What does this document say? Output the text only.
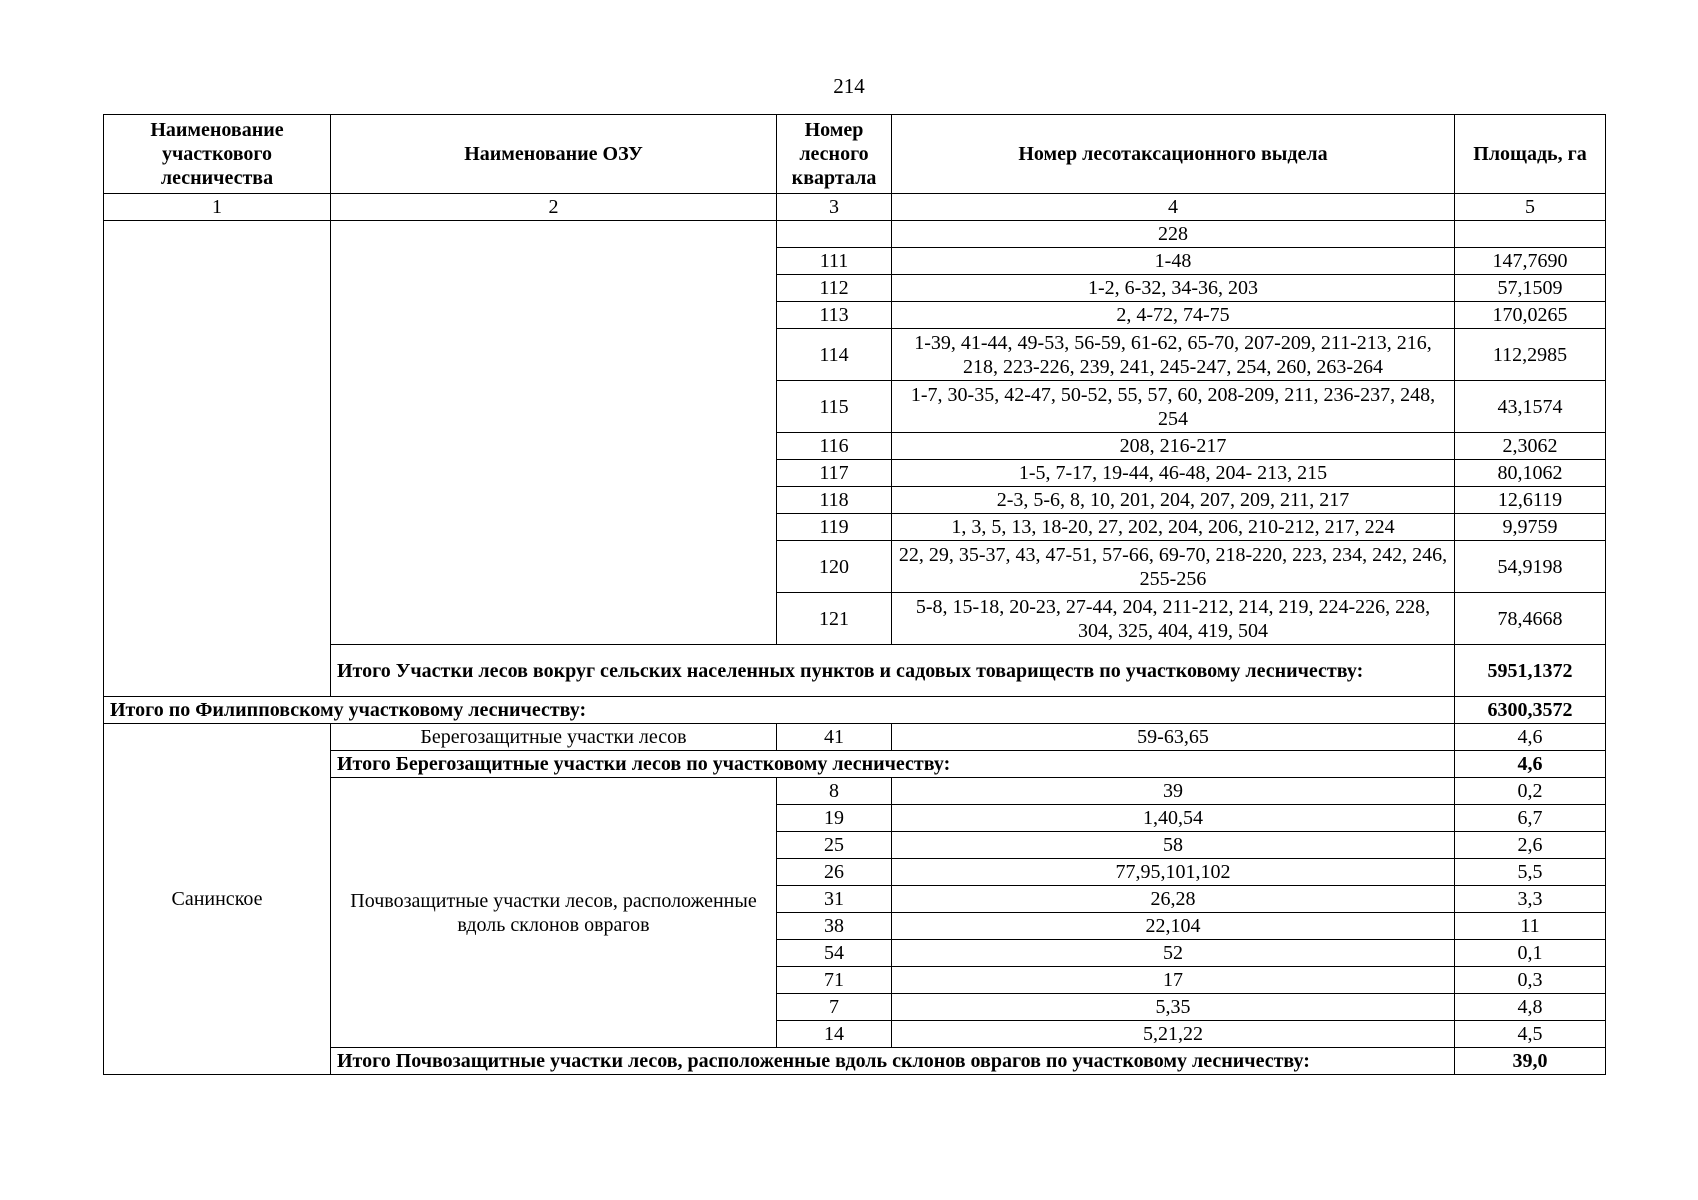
214
Наименование участкового лесничества	Наименование ОЗУ	Номер лесного квартала	Номер лесотаксационного выдела	Площадь, га
1	2	3	4	5
			228	
		111	1-48	147,7690
		112	1-2, 6-32, 34-36, 203	57,1509
		113	2, 4-72, 74-75	170,0265
		114	1-39, 41-44, 49-53, 56-59, 61-62, 65-70, 207-209, 211-213, 216, 218, 223-226, 239, 241, 245-247, 254, 260, 263-264	112,2985
		115	1-7, 30-35, 42-47, 50-52, 55, 57, 60, 208-209, 211, 236-237, 248, 254	43,1574
		116	208, 216-217	2,3062
		117	1-5, 7-17, 19-44, 46-48, 204- 213, 215	80,1062
		118	2-3, 5-6, 8, 10, 201, 204, 207, 209, 211, 217	12,6119
		119	1, 3, 5, 13, 18-20, 27, 202, 204, 206, 210-212, 217, 224	9,9759
		120	22, 29, 35-37, 43, 47-51, 57-66, 69-70, 218-220, 223, 234, 242, 246, 255-256	54,9198
		121	5-8, 15-18, 20-23, 27-44, 204, 211-212, 214, 219, 224-226, 228, 304, 325, 404, 419, 504	78,4668
	Итого Участки лесов вокруг сельских населенных пунктов и садовых товариществ по участковому лесничеству:			5951,1372
Итого по Филипповскому участковому лесничеству:				6300,3572
Санинское	Берегозащитные участки лесов	41	59-63,65	4,6
	Итого Берегозащитные участки лесов по участковому лесничеству:			4,6
	Почвозащитные участки лесов, расположенные вдоль склонов оврагов	8	39	0,2
		19	1,40,54	6,7
		25	58	2,6
		26	77,95,101,102	5,5
		31	26,28	3,3
		38	22,104	11
		54	52	0,1
		71	17	0,3
		7	5,35	4,8
		14	5,21,22	4,5
	Итого Почвозащитные участки лесов, расположенные вдоль склонов оврагов по участковому лесничеству:			39,0
